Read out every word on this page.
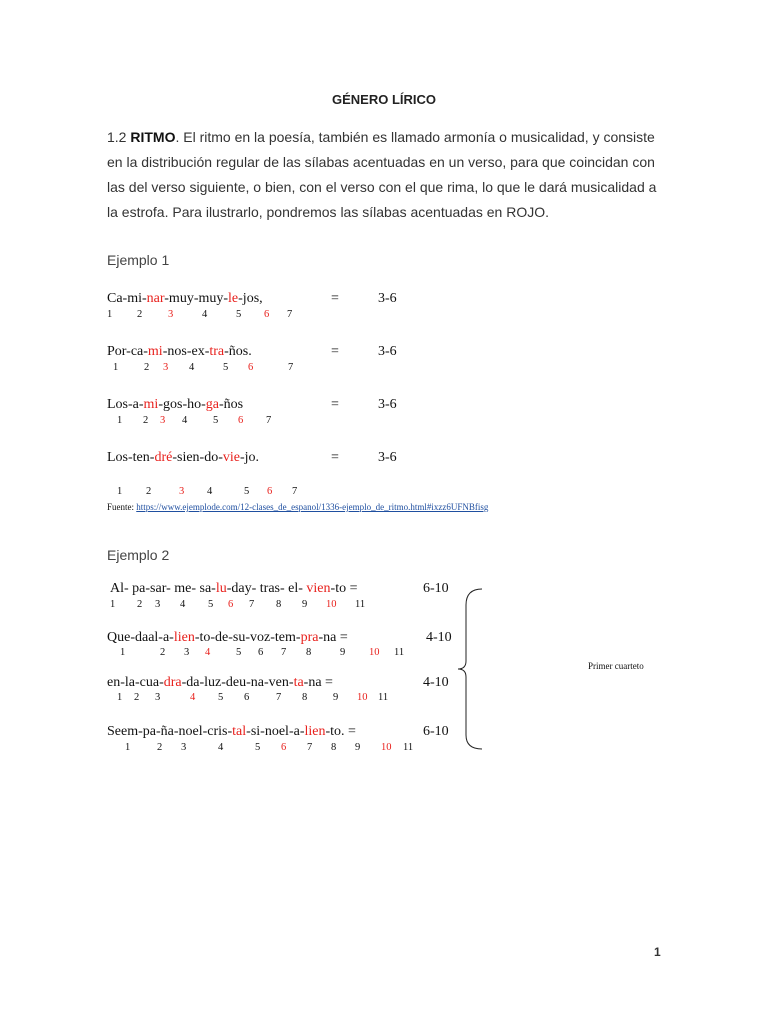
GÉNERO LÍRICO
1.2 RITMO. El ritmo en la poesía, también es llamado armonía o musicalidad, y consiste en la distribución regular de las sílabas acentuadas en un verso, para que coincidan con las del verso siguiente, o bien, con el verso con el que rima, lo que le dará musicalidad a la estrofa. Para ilustrarlo, pondremos las sílabas acentuadas en ROJO.
Ejemplo 1
Ca-mi-nar-muy-muy-le-jos,	=	3-6
1 2 3	4	5 6 7
Por-ca-mi-nos-ex-tra-ños.	=	3-6
1 2 3 4	5 6	7
Los-a-mi-gos-ho-ga-ños	=	3-6
1 2 3 4 5 6 7
Los-ten-dré-sien-do-vie-jo.	=	3-6
1 2	3 4	5 6 7
Fuente: https://www.ejemplode.com/12-clases_de_espanol/1336-ejemplo_de_ritmo.html#ixzz6UFNBfisg
Ejemplo 2
Al- pa-sar- me- sa-lu-day- tras- el- vien-to =	6-10
1 2 3 4 5 6 7 8 9 10 11
Que-daal-a-lien-to-de-su-voz-tem-pra-na =	4-10
1	2 3 4 5 6 7 8	9 10 11
en-la-cua-dra-da-luz-deu-na-ven-ta-na =	4-10
1 2 3	4 5 6	7 8 9 10 11
Seem-pa-ña-noel-cris-tal-si-noel-a-lien-to. =	6-10
1	2 3	4	5 6 7 8 9 10 11
Primer cuarteto
1
